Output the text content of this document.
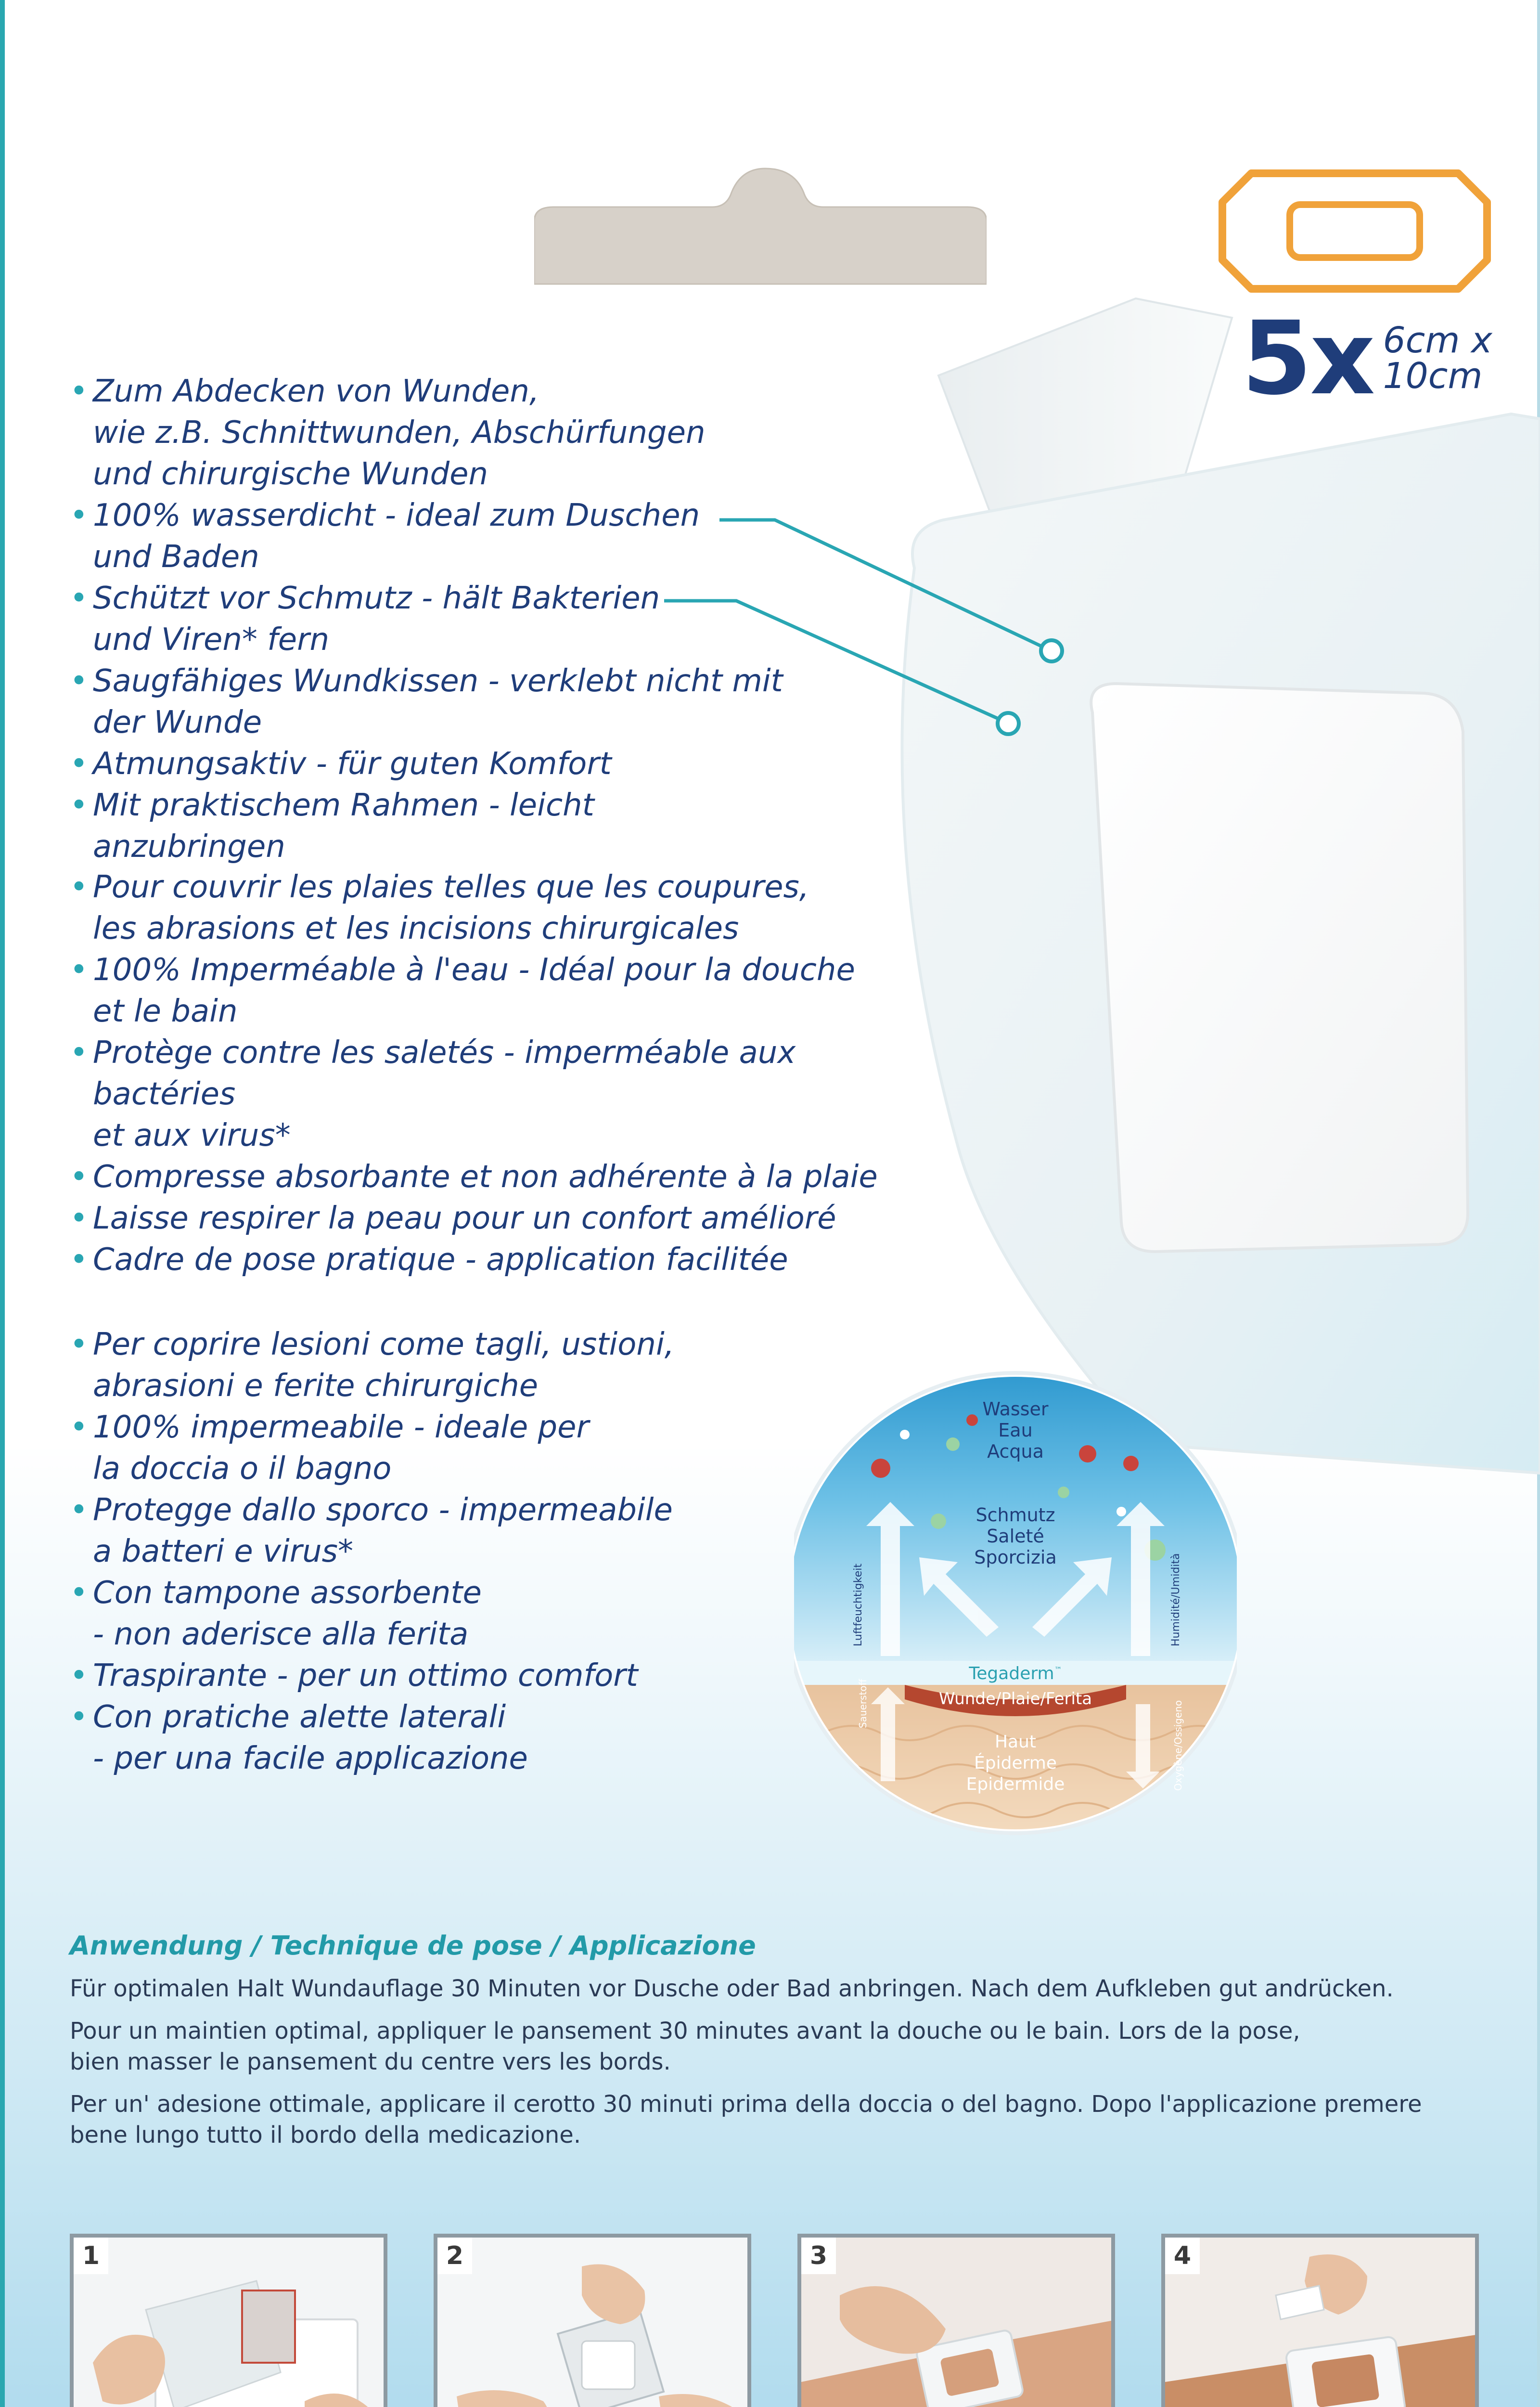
5x 6cm x
10cm
• Zum Abdecken von Wunden,
wie z.B. Schnittwunden, Abschürfungen
und chirurgische Wunden
• 100% wasserdicht - ideal zum Duschen
und Baden
• Schützt vor Schmutz - hält Bakterien
und Viren* fern
• Saugfähiges Wundkissen - verklebt nicht mit
der Wunde
• Atmungsaktiv - für guten Komfort
• Mit praktischem Rahmen - leicht anzubringen
• Pour couvrir les plaies telles que les coupures,
les abrasions et les incisions chirurgicales
• 100% Imperméable à l'eau - Idéal pour la douche
et le bain
• Protège contre les saletés - imperméable aux
bactéries
et aux virus*
• Compresse absorbante et non adhérente à la plaie
• Laisse respirer la peau pour un confort amélioré
• Cadre de pose pratique - application facilitée
• Per coprire lesioni come tagli, ustioni,
abrasioni e ferite chirurgiche
• 100% impermeabile - ideale per
la doccia o il bagno
• Protegge dallo sporco - impermeabile
a batteri e virus*
• Con tampone assorbente
- non aderisce alla ferita
• Traspirante - per un ottimo comfort
• Con pratiche alette laterali
- per una facile applicazione
Wasser
Eau
Acqua
Schmutz
Saleté
Sporcizia
Luftfeuchtigkeit	Humidité/Umidità
Tegaderm™
Wunde/Plaie/Ferita
Haut
Épiderme
Epidermide
Sauerstoff	Oxygène/Ossigeno
Anwendung / Technique de pose / Applicazione

Für optimalen Halt Wundauflage 30 Minuten vor Dusche oder Bad anbringen. Nach dem Aufkleben gut andrücken.

Pour un maintien optimal, appliquer le pansement 30 minutes avant la douche ou le bain. Lors de la pose,
bien masser le pansement du centre vers les bords.

Per un' adesione ottimale, applicare il cerotto 30 minuti prima della doccia o del bagno. Dopo l'applicazione premere
bene lungo tutto il bordo della medicazione.

1	2	3	4
